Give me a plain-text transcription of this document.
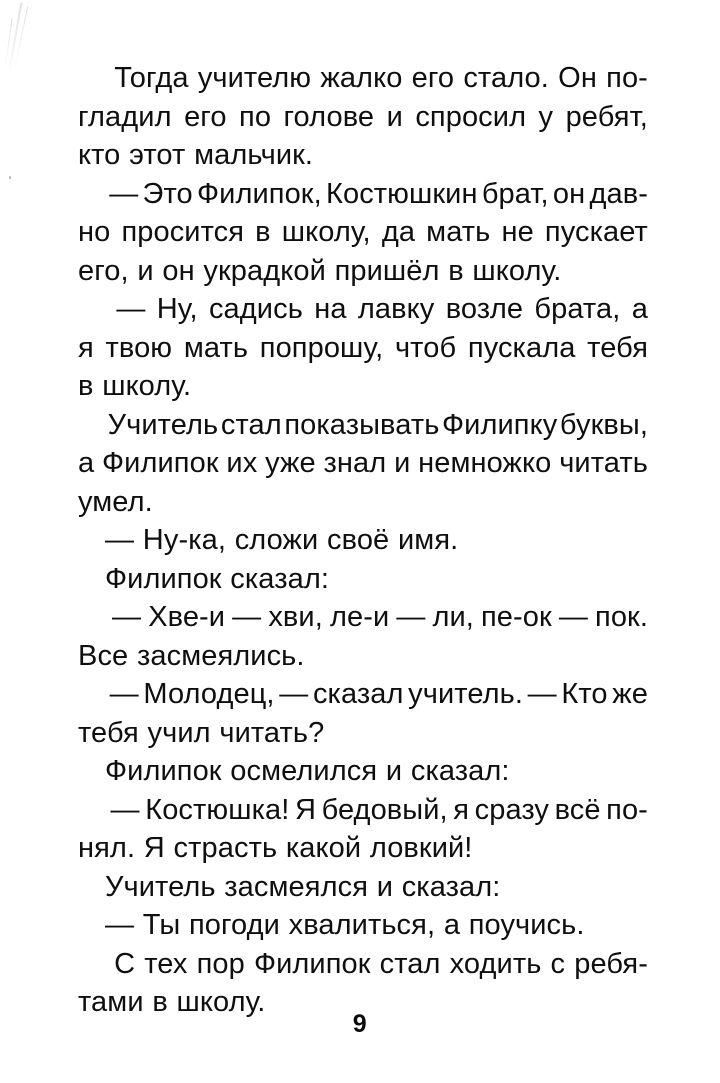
Тогда учителю жалко его стало. Он по-
гладил его по голове и спросил у ребят,
кто этот мальчик.

— Это Филипок, Костюшкин брат, он дав-
но просится в школу, да мать не пускает
его, и он украдкой пришёл в школу.

— Ну, садись на лавку возле брата, а
я твою мать попрошу, чтоб пускала тебя
в школу.

Учитель стал показывать Филипку буквы,
а Филипок их уже знал и немножко читать
умел.

— Ну-ка, сложи своё имя.

Филипок сказал:

— Хве-и — хви, ле-и — ли, пе-ок — пок.
Все засмеялись.

— Молодец, — сказал учитель. — Кто же
тебя учил читать?

Филипок осмелился и сказал:

— Костюшка! Я бедовый, я сразу всё по-
нял. Я страсть какой ловкий!

Учитель засмеялся и сказал:

— Ты погоди хвалиться, а поучись.

С тех пор Филипок стал ходить с ребя-
тами в школу.

9
